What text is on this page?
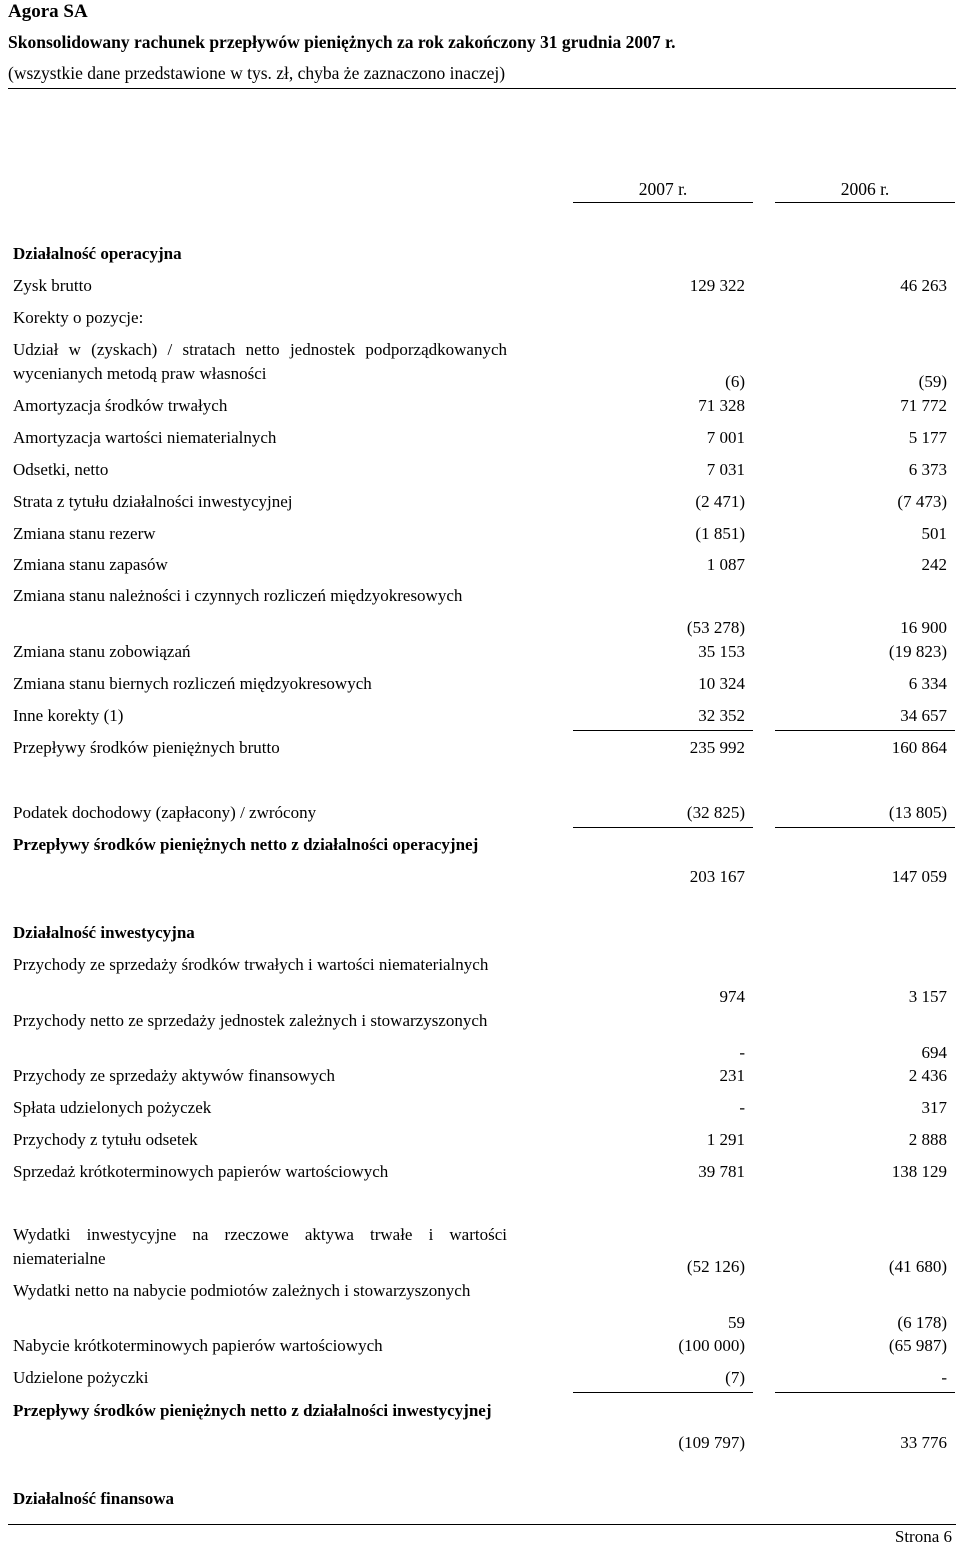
Agora SA
Skonsolidowany rachunek przepływów pieniężnych za rok zakończony 31 grudnia 2007 r.
(wszystkie dane przedstawione w tys. zł, chyba że zaznaczono inaczej)
2007 r.	2006 r.
Działalność operacyjna
Zysk brutto	129 322	46 263
Korekty o pozycje:
Udział w (zyskach) / stratach netto jednostek podporządkowanych wycenianych metodą praw własności	(6)	(59)
Amortyzacja środków trwałych	71 328	71 772
Amortyzacja wartości niematerialnych	7 001	5 177
Odsetki, netto	7 031	6 373
Strata z tytułu działalności inwestycyjnej	(2 471)	(7 473)
Zmiana stanu rezerw	(1 851)	501
Zmiana stanu zapasów	1 087	242
Zmiana stanu należności i czynnych rozliczeń międzyokresowych
(53 278)	16 900
Zmiana stanu zobowiązań	35 153	(19 823)
Zmiana stanu biernych rozliczeń międzyokresowych	10 324	6 334
Inne korekty (1)	32 352	34 657
Przepływy środków pieniężnych brutto	235 992	160 864
Podatek dochodowy (zapłacony) / zwrócony	(32 825)	(13 805)
Przepływy środków pieniężnych netto z działalności operacyjnej
203 167	147 059
Działalność inwestycyjna
Przychody ze sprzedaży środków trwałych i wartości niematerialnych
974	3 157
Przychody netto ze sprzedaży jednostek zależnych i stowarzyszonych
-	694
Przychody ze sprzedaży aktywów finansowych	231	2 436
Spłata udzielonych pożyczek	-	317
Przychody z tytułu odsetek	1 291	2 888
Sprzedaż krótkoterminowych papierów wartościowych	39 781	138 129
Wydatki inwestycyjne na rzeczowe aktywa trwałe i wartości niematerialne	(52 126)	(41 680)
Wydatki netto na nabycie podmiotów zależnych i stowarzyszonych
59	(6 178)
Nabycie krótkoterminowych papierów wartościowych	(100 000)	(65 987)
Udzielone pożyczki	(7)	-
Przepływy środków pieniężnych netto z działalności inwestycyjnej
(109 797)	33 776
Działalność finansowa
Strona 6
